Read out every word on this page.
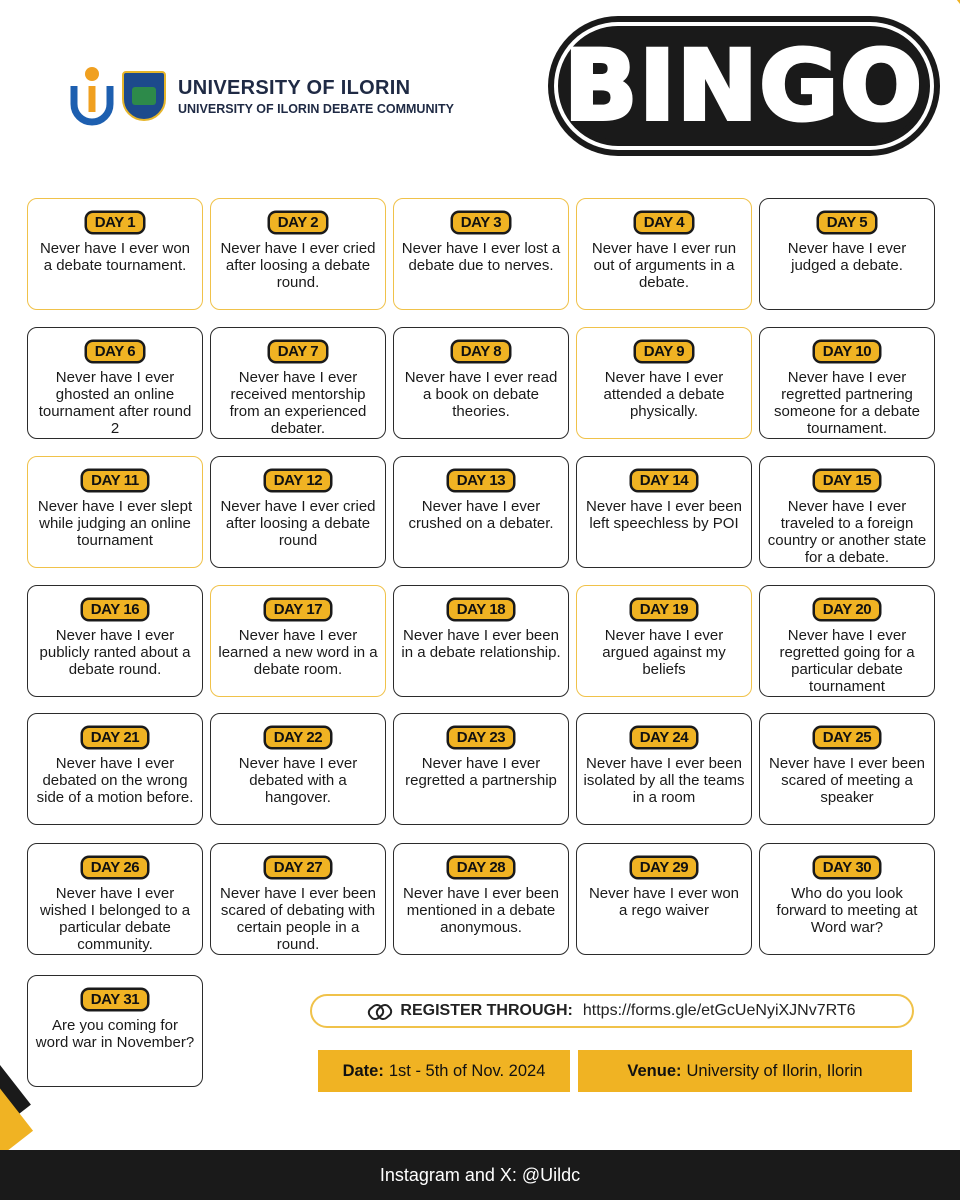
UNIVERSITY OF ILORIN
UNIVERSITY OF ILORIN DEBATE COMMUNITY BINGO
DAY 1
Never have I ever won a debate tournament.
DAY 2
Never have I ever cried after loosing a debate round.
DAY 3
Never have I ever lost a debate due to nerves.
DAY 4
Never have I ever run out of arguments in a debate.
DAY 5
Never have I ever judged a debate.
DAY 6
Never have I ever ghosted an online tournament after round 2
DAY 7
Never have I ever received mentorship from an experienced debater.
DAY 8
Never have I ever read a book on debate theories.
DAY 9
Never have I ever attended a debate physically.
DAY 10
Never have I ever regretted partnering someone for a debate tournament.
DAY 11
Never have I ever slept while judging an online tournament
DAY 12
Never have I ever cried after loosing a debate round
DAY 13
Never have I ever crushed on a debater.
DAY 14
Never have I ever been left speechless by POI
DAY 15
Never have I ever traveled to a foreign country or another state for a debate.
DAY 16
Never have I ever publicly ranted about a debate round.
DAY 17
Never have I ever learned a new word in a debate room.
DAY 18
Never have I ever been in a debate relationship.
DAY 19
Never have I ever argued against my beliefs
DAY 20
Never have I ever regretted going for a particular debate tournament
DAY 21
Never have I ever debated on the wrong side of a motion before.
DAY 22
Never have I ever debated with a hangover.
DAY 23
Never have I ever regretted a partnership
DAY 24
Never have I ever been isolated by all the teams in a room
DAY 25
Never have I ever been scared of meeting a speaker
DAY 26
Never have I ever wished I belonged to a particular debate community.
DAY 27
Never have I ever been scared of debating with certain people in a round.
DAY 28
Never have I ever been mentioned in a debate anonymous.
DAY 29
Never have I ever won a rego waiver
DAY 30
Who do you look forward to meeting at Word war?
DAY 31
Are you coming for word war in November?
REGISTER THROUGH: https://forms.gle/etGcUeNyiXJNv7RT6
Date: 1st - 5th of Nov. 2024	Venue: University of Ilorin, Ilorin
Instagram and X: @Uildc
